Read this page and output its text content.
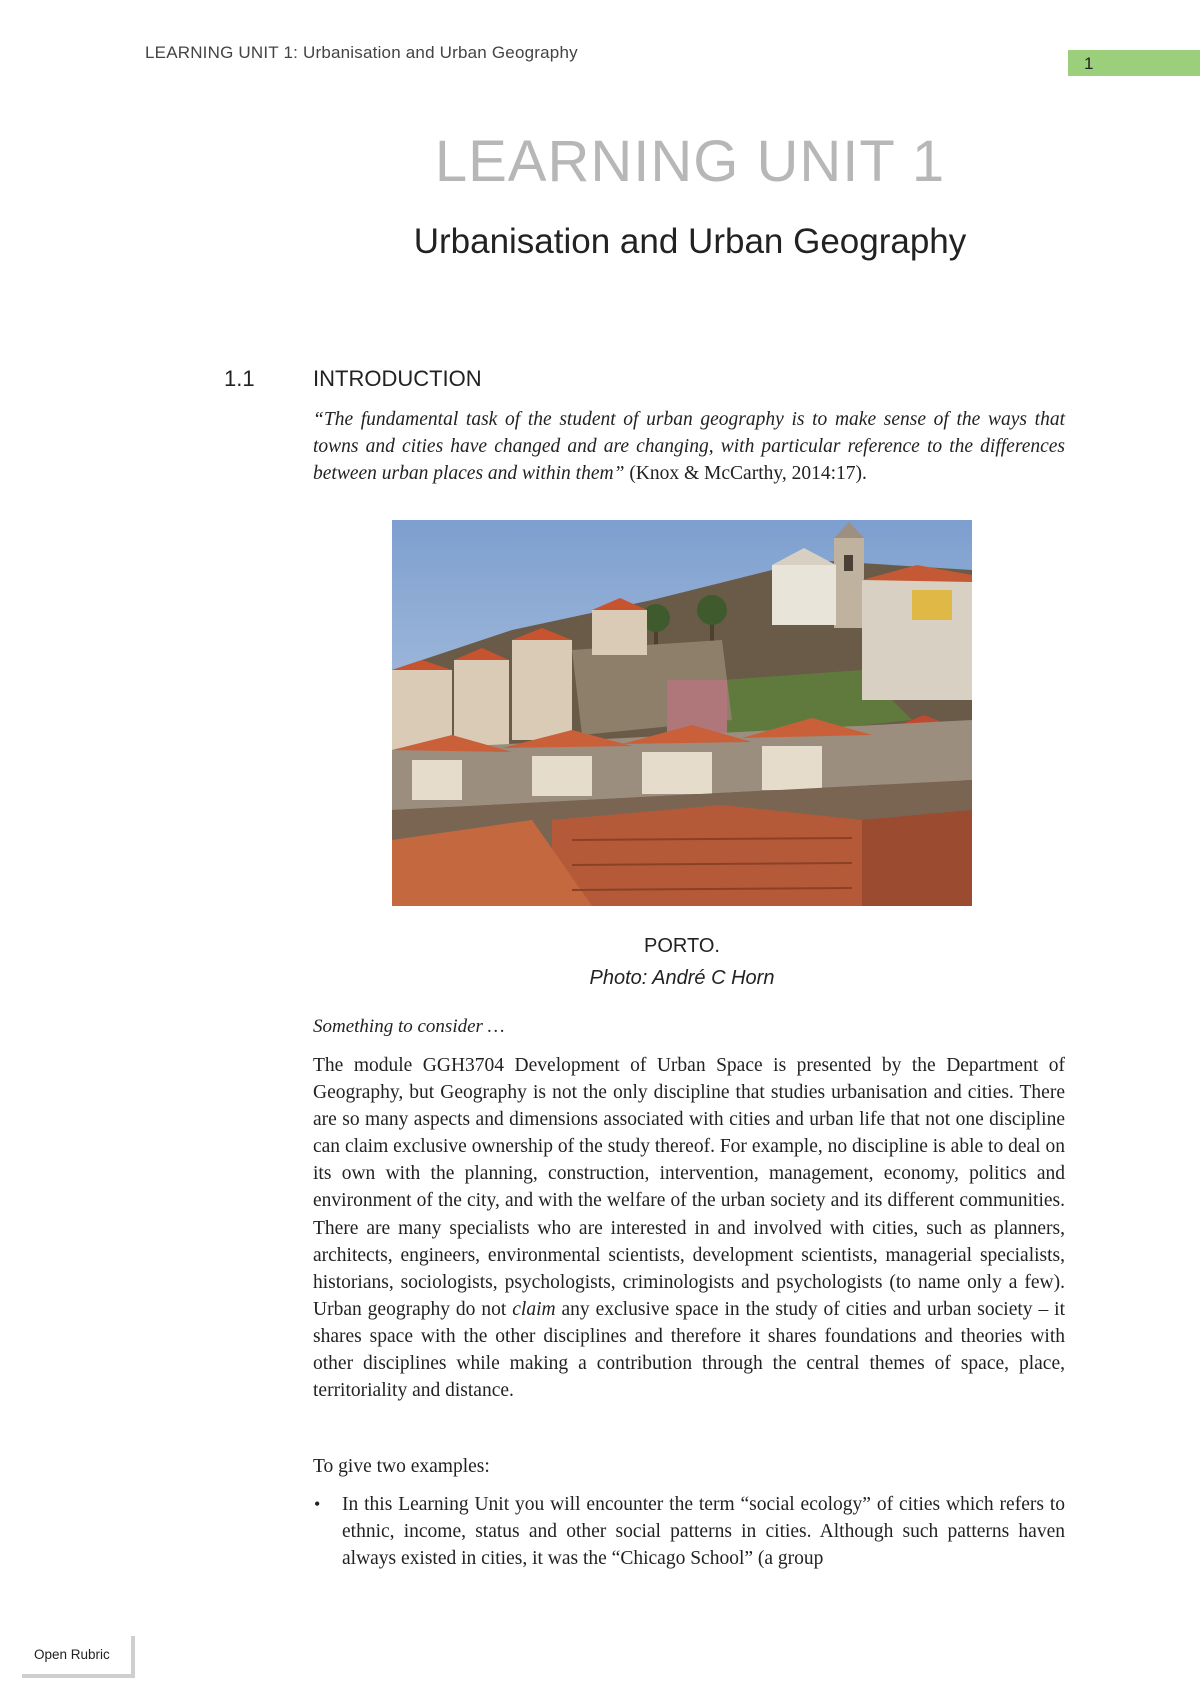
LEARNING UNIT 1: Urbanisation and Urban Geography
1
LEARNING UNIT 1
Urbanisation and Urban Geography
1.1	INTRODUCTION
“The fundamental task of the student of urban geography is to make sense of the ways that towns and cities have changed and are changing, with particular reference to the differences between urban places and within them” (Knox & McCarthy, 2014:17).
PORTO.
Photo: André C Horn
Something to consider …
The module GGH3704 Development of Urban Space is presented by the Department of Geography, but Geography is not the only discipline that studies urbanisation and cities. There are so many aspects and dimensions associated with cities and urban life that not one discipline can claim exclusive ownership of the study thereof. For example, no discipline is able to deal on its own with the planning, construction, intervention, management, economy, politics and environment of the city, and with the welfare of the urban society and its different communities. There are many specialists who are interested in and involved with cities, such as planners, architects, engineers, environmental scientists, development scientists, managerial specialists, historians, sociologists, psychologists, criminologists and psychologists (to name only a few). Urban geography do not claim any exclusive space in the study of cities and urban society – it shares space with the other disciplines and therefore it shares foundations and theories with other disciplines while making a contribution through the central themes of space, place, territoriality and distance.
To give two examples:
• In this Learning Unit you will encounter the term “social ecology” of cities which refers to ethnic, income, status and other social patterns in cities. Although such patterns haven always existed in cities, it was the “Chicago School” (a group
Open Rubric
